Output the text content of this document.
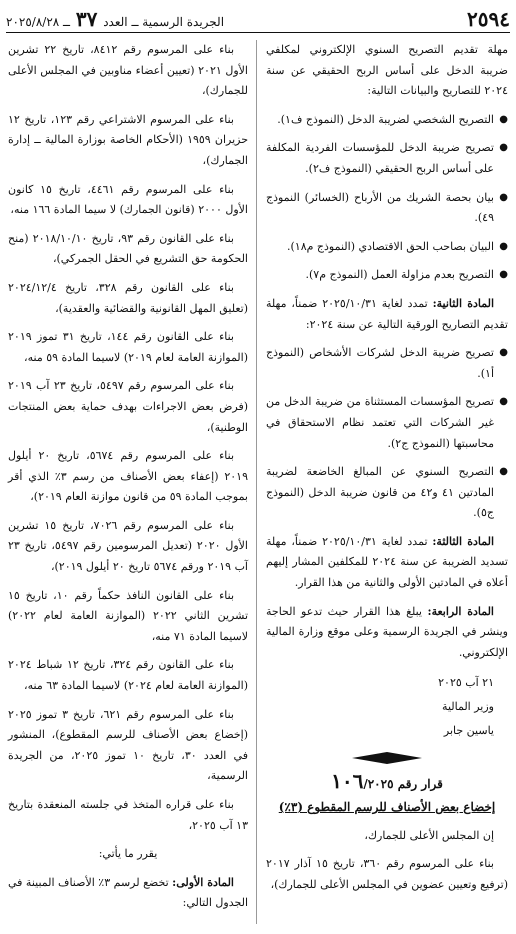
٢٥٩٤
الجريدة الرسمية ــ العدد ٣٧ ــ ٢٠٢٥/٨/٢٨

مهلة تقديم التصريح السنوي الإلكتروني لمكلفي ضريبة الدخل على أساس الربح الحقيقي عن سنة ٢٠٢٤ للتصاريح والبيانات التالية:

●
التصريح الشخصي لضريبة الدخل (النموذج ف١).
●
تصريح ضريبة الدخل للمؤسسات الفردية المكلفة على أساس الربح الحقيقي (النموذج ف٢).
●
بيان بحصة الشريك من الأرباح (الخسائر) النموذج ٤٩).
●
البيان بصاحب الحق الاقتصادي (النموذج م١٨).
●
التصريح بعدم مزاولة العمل (النموذج م٧).

المادة الثانية: تمدد لغاية ٢٠٢٥/١٠/٣١ ضمناً، مهلة تقديم التصاريح الورقية التالية عن سنة ٢٠٢٤:

●
تصريح ضريبة الدخل لشركات الأشخاص (النموذج أ١).
●
تصريح المؤسسات المستثناة من ضريبة الدخل من غير الشركات التي تعتمد نظام الاستحقاق في محاسبتها (النموذج ج٢).
●
التصريح السنوي عن المبالغ الخاضعة لضريبة المادتين ٤١ و٤٢ من قانون ضريبة الدخل (النموذج ج٥).

المادة الثالثة: تمدد لغاية ٢٠٢٥/١٠/٣١ ضمناً، مهلة تسديد الضريبة عن سنة ٢٠٢٤ للمكلفين المشار إليهم أعلاه في المادتين الأولى والثانية من هذا القرار.

المادة الرابعة: يبلغ هذا القرار حيث تدعو الحاجة وينشر في الجريدة الرسمية وعلى موقع وزارة المالية الإلكتروني.

٢١ آب ٢٠٢٥
وزير المالية
ياسين جابر
قرار رقم ١٠٦/٢٠٢٥
إخضاع بعض الأصناف للرسم المقطوع (٣٪)

إن المجلس الأعلى للجمارك،

بناء على المرسوم رقم ٣٦٠، تاريخ ١٥ آذار ٢٠١٧ (ترفيع وتعيين عضوين في المجلس الأعلى للجمارك)،

بناء على المرسوم رقم ٨٤١٢، تاريخ ٢٢ تشرين الأول ٢٠٢١ (تعيين أعضاء مناوبين في المجلس الأعلى للجمارك)،

بناء على المرسوم الاشتراعي رقم ١٢٣، تاريخ ١٢ حزيران ١٩٥٩ (الأحكام الخاصة بوزارة المالية ــ إدارة الجمارك)،

بناء على المرسوم رقم ٤٤٦١، تاريخ ١٥ كانون الأول ٢٠٠٠ (قانون الجمارك) لا سيما المادة ١٦٦ منه،

بناء على القانون رقم ٩٣، تاريخ ٢٠١٨/١٠/١٠ (منح الحكومة حق التشريع في الحقل الجمركي)،

بناء على القانون رقم ٣٢٨، تاريخ ٢٠٢٤/١٢/٤ (تعليق المهل القانونية والقضائية والعقدية)،

بناء على القانون رقم ١٤٤، تاريخ ٣١ تموز ٢٠١٩ (الموازنة العامة لعام ٢٠١٩) لاسيما المادة ٥٩ منه،

بناء على المرسوم رقم ٥٤٩٧، تاريخ ٢٣ آب ٢٠١٩ (فرض بعض الاجراءات بهدف حماية بعض المنتجات الوطنية)،

بناء على المرسوم رقم ٥٦٧٤، تاريخ ٢٠ أيلول ٢٠١٩ (إعفاء بعض الأصناف من رسم ٣٪ الذي أقر بموجب المادة ٥٩ من قانون موازنة العام ٢٠١٩)،

بناء على المرسوم رقم ٧٠٢٦، تاريخ ١٥ تشرين الأول ٢٠٢٠ (تعديل المرسومين رقم ٥٤٩٧، تاريخ ٢٣ آب ٢٠١٩ ورقم ٥٦٧٤ تاريخ ٢٠ أيلول ٢٠١٩)،

بناء على القانون النافذ حكماً رقم ١٠، تاريخ ١٥ تشرين الثاني ٢٠٢٢ (الموازنة العامة لعام ٢٠٢٢) لاسيما المادة ٧١ منه،

بناء على القانون رقم ٣٢٤، تاريخ ١٢ شباط ٢٠٢٤ (الموازنة العامة لعام ٢٠٢٤) لاسيما المادة ٦٣ منه،

بناء على المرسوم رقم ٦٢١، تاريخ ٣ تموز ٢٠٢٥ (إخضاع بعض الأصناف للرسم المقطوع)، المنشور في العدد ٣٠، تاريخ ١٠ تموز ٢٠٢٥، من الجريدة الرسمية،

بناء على قراره المتخذ في جلسته المنعقدة بتاريخ ١٣ آب ٢٠٢٥،

يقرر ما يأتي:

المادة الأولى: تخضع لرسم ٣٪ الأصناف المبينة في الجدول التالي:
